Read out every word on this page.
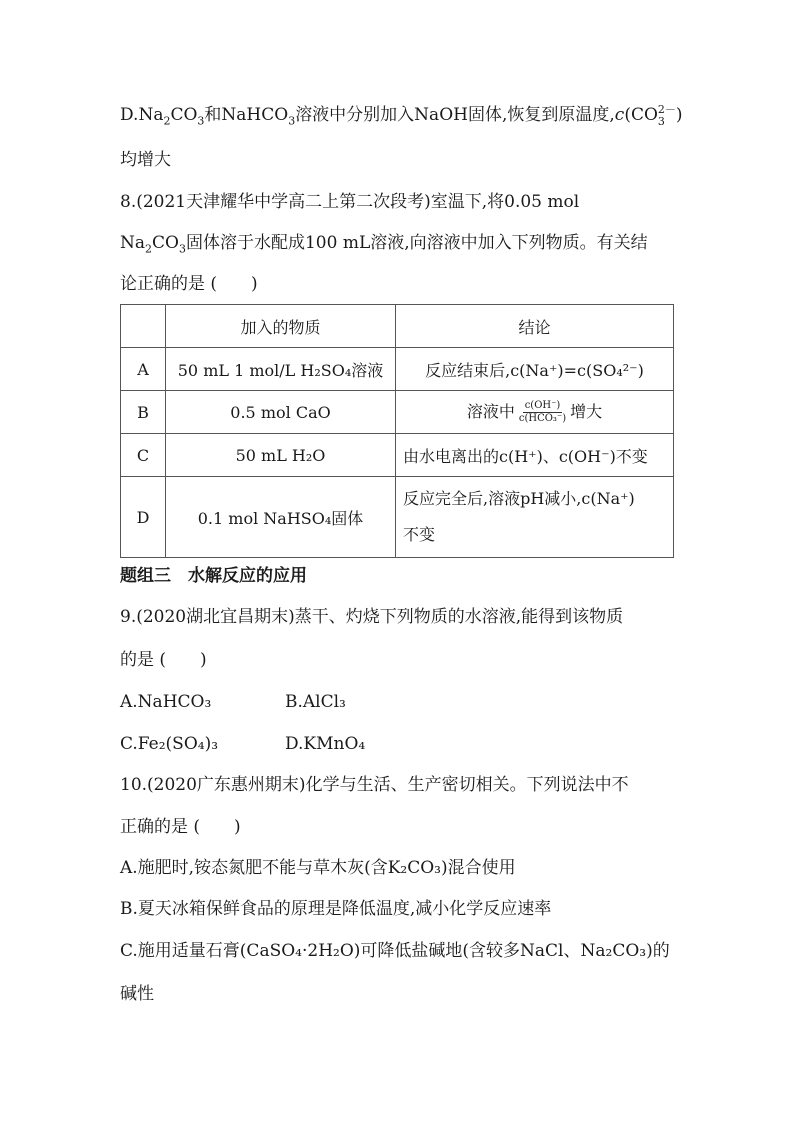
$D.Na_2CO_3$和NaHCO$_3$溶液中分别加入NaOH固体,恢复到原温度,c(CO 2－
3 )
均增大
8.(2021天津耀华中学高二上第二次段考)室温下,将0.05 mol
$Na_2CO_3$固体溶于水配成100 mL溶液,向溶液中加入下列物质。有关结
论正确的是 (　　)
	加入的物质	结论
A	50 mL 1 mol/L H₂SO₄溶液	反应结束后,c(Na⁺)=c(SO₄²⁻)
B	0.5 mol CaO	溶液中 $\frac{c(OH^-)}{\text{c(HCO₃⁻)}}$ 增大
C	50 mL H₂O	由水电离出的c(H⁺)、c(OH⁻)不变
D	0.1 mol NaHSO₄固体	反应完全后,溶液pH减小,c(Na⁺)
不变
题组三　水解反应的应用
9.(2020湖北宜昌期末)蒸干、灼烧下列物质的水溶液,能得到该物质
的是 (　　)
A.NaHCO₃	B.AlCl₃
C.Fe₂(SO₄)₃	D.KMnO₄
10.(2020广东惠州期末)化学与生活、生产密切相关。下列说法中不
正确的是 (　　)
A.施肥时,铵态氮肥不能与草木灰(含K₂CO₃)混合使用
B.夏天冰箱保鲜食品的原理是降低温度,减小化学反应速率
C.施用适量石膏(CaSO₄·2H₂O)可降低盐碱地(含较多NaCl、Na₂CO₃)的
碱性
